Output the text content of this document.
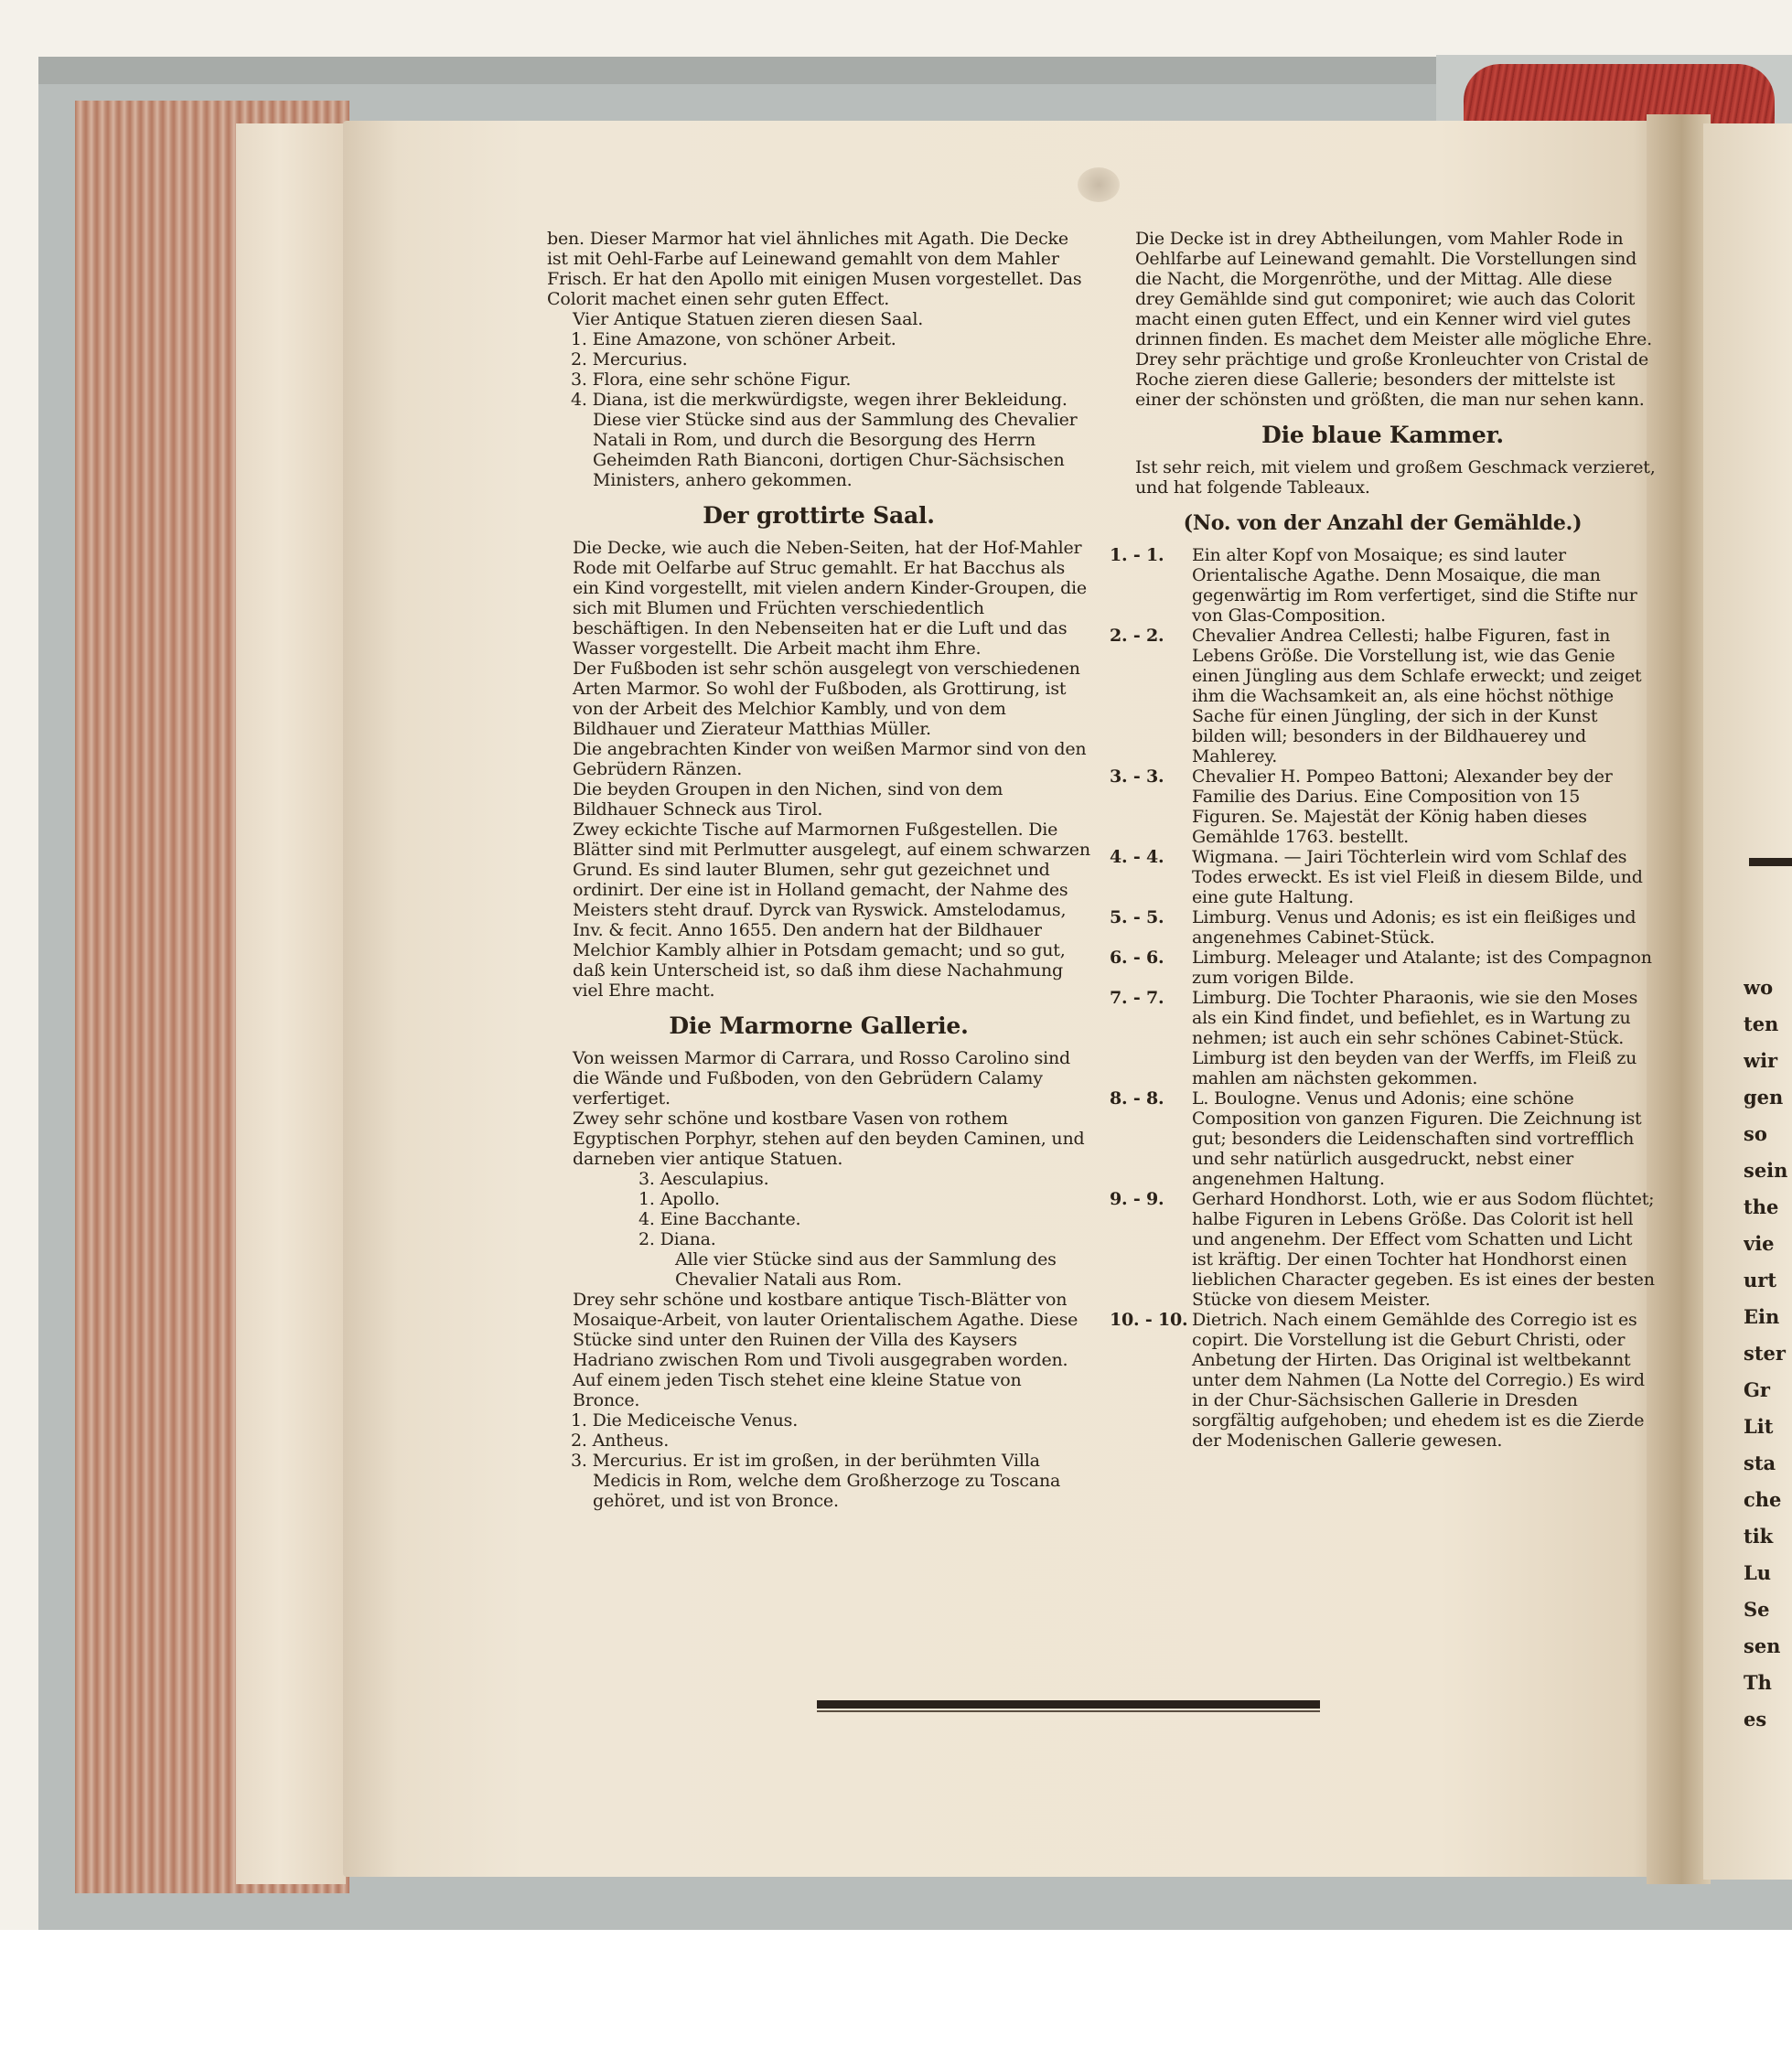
ben. Dieser Marmor hat viel ähnliches mit Agath. Die Decke ist mit Oehl-Farbe auf Leinewand gemahlt von dem Mahler Frisch. Er hat den Apollo mit einigen Musen vorgestellet. Das Colorit machet einen sehr guten Effect.

Vier Antique Statuen zieren diesen Saal.

1. Eine Amazone, von schöner Arbeit.
2. Mercurius.
3. Flora, eine sehr schöne Figur.
4. Diana, ist die merkwürdigste, wegen ihrer Bekleidung. Diese vier Stücke sind aus der Sammlung des Chevalier Natali in Rom, und durch die Besorgung des Herrn Geheimden Rath Bianconi, dortigen Chur-Sächsischen Ministers, anhero gekommen.

Der grottirte Saal.

Die Decke, wie auch die Neben-Seiten, hat der Hof-Mahler Rode mit Oelfarbe auf Struc gemahlt. Er hat Bacchus als ein Kind vorgestellt, mit vielen andern Kinder-Groupen, die sich mit Blumen und Früchten verschiedentlich beschäftigen. In den Nebenseiten hat er die Luft und das Wasser vorgestellt. Die Arbeit macht ihm Ehre.

Der Fußboden ist sehr schön ausgelegt von verschiedenen Arten Marmor. So wohl der Fußboden, als Grottirung, ist von der Arbeit des Melchior Kambly, und von dem Bildhauer und Zierateur Matthias Müller.

Die angebrachten Kinder von weißen Marmor sind von den Gebrüdern Ränzen.

Die beyden Groupen in den Nichen, sind von dem Bildhauer Schneck aus Tirol.

Zwey eckichte Tische auf Marmornen Fußgestellen. Die Blätter sind mit Perlmutter ausgelegt, auf einem schwarzen Grund. Es sind lauter Blumen, sehr gut gezeichnet und ordinirt. Der eine ist in Holland gemacht, der Nahme des Meisters steht drauf. Dyrck van Ryswick. Amstelodamus, Inv. & fecit. Anno 1655. Den andern hat der Bildhauer Melchior Kambly alhier in Potsdam gemacht; und so gut, daß kein Unterscheid ist, so daß ihm diese Nachahmung viel Ehre macht.

Die Marmorne Gallerie.

Von weissen Marmor di Carrara, und Rosso Carolino sind die Wände und Fußboden, von den Gebrüdern Calamy verfertiget.

Zwey sehr schöne und kostbare Vasen von rothem Egyptischen Porphyr, stehen auf den beyden Caminen, und darneben vier antique Statuen.

3. Aesculapius.
1. Apollo.
4. Eine Bacchante.
2. Diana.

Alle vier Stücke sind aus der Sammlung des Chevalier Natali aus Rom.

Drey sehr schöne und kostbare antique Tisch-Blätter von Mosaique-Arbeit, von lauter Orientalischem Agathe. Diese Stücke sind unter den Ruinen der Villa des Kaysers Hadriano zwischen Rom und Tivoli ausgegraben worden.

Auf einem jeden Tisch stehet eine kleine Statue von Bronce.

1. Die Mediceische Venus.
2. Antheus.
3. Mercurius. Er ist im großen, in der berühmten Villa Medicis in Rom, welche dem Großherzoge zu Toscana gehöret, und ist von Bronce.

Die Decke ist in drey Abtheilungen, vom Mahler Rode in Oehlfarbe auf Leinewand gemahlt. Die Vorstellungen sind die Nacht, die Morgenröthe, und der Mittag. Alle diese drey Gemählde sind gut componiret; wie auch das Colorit macht einen guten Effect, und ein Kenner wird viel gutes drinnen finden. Es machet dem Meister alle mögliche Ehre.

Drey sehr prächtige und große Kronleuchter von Cristal de Roche zieren diese Gallerie; besonders der mittelste ist einer der schönsten und größten, die man nur sehen kann.

Die blaue Kammer.

Ist sehr reich, mit vielem und großem Geschmack verzieret, und hat folgende Tableaux.

(No. von der Anzahl der Gemählde.)

1. - 1. Ein alter Kopf von Mosaique; es sind lauter Orientalische Agathe. Denn Mosaique, die man gegenwärtig im Rom verfertiget, sind die Stifte nur von Glas-Composition.
2. - 2. Chevalier Andrea Cellesti; halbe Figuren, fast in Lebens Größe. Die Vorstellung ist, wie das Genie einen Jüngling aus dem Schlafe erweckt; und zeiget ihm die Wachsamkeit an, als eine höchst nöthige Sache für einen Jüngling, der sich in der Kunst bilden will; besonders in der Bildhauerey und Mahlerey.
3. - 3. Chevalier H. Pompeo Battoni; Alexander bey der Familie des Darius. Eine Composition von 15 Figuren. Se. Majestät der König haben dieses Gemählde 1763. bestellt.
4. - 4. Wigmana. — Jairi Töchterlein wird vom Schlaf des Todes erweckt. Es ist viel Fleiß in diesem Bilde, und eine gute Haltung.
5. - 5. Limburg. Venus und Adonis; es ist ein fleißiges und angenehmes Cabinet-Stück.
6. - 6. Limburg. Meleager und Atalante; ist des Compagnon zum vorigen Bilde.
7. - 7. Limburg. Die Tochter Pharaonis, wie sie den Moses als ein Kind findet, und befiehlet, es in Wartung zu nehmen; ist auch ein sehr schönes Cabinet-Stück. Limburg ist den beyden van der Werffs, im Fleiß zu mahlen am nächsten gekommen.
8. - 8. L. Boulogne. Venus und Adonis; eine schöne Composition von ganzen Figuren. Die Zeichnung ist gut; besonders die Leidenschaften sind vortrefflich und sehr natürlich ausgedruckt, nebst einer angenehmen Haltung.
9. - 9. Gerhard Hondhorst. Loth, wie er aus Sodom flüchtet; halbe Figuren in Lebens Größe. Das Colorit ist hell und angenehm. Der Effect vom Schatten und Licht ist kräftig. Der einen Tochter hat Hondhorst einen lieblichen Character gegeben. Es ist eines der besten Stücke von diesem Meister.
10. - 10. Dietrich. Nach einem Gemählde des Corregio ist es copirt. Die Vorstellung ist die Geburt Christi, oder Anbetung der Hirten. Das Original ist weltbekannt unter dem Nahmen (La Notte del Corregio.) Es wird in der Chur-Sächsischen Gallerie in Dresden sorgfältig aufgehoben; und ehedem ist es die Zierde der Modenischen Gallerie gewesen.
wo
ten
wir
gen
so
sein
the
vie
urt
Ein
ster
Gr
Lit
sta
che
tik
Lu
Se
sen
Th
es
